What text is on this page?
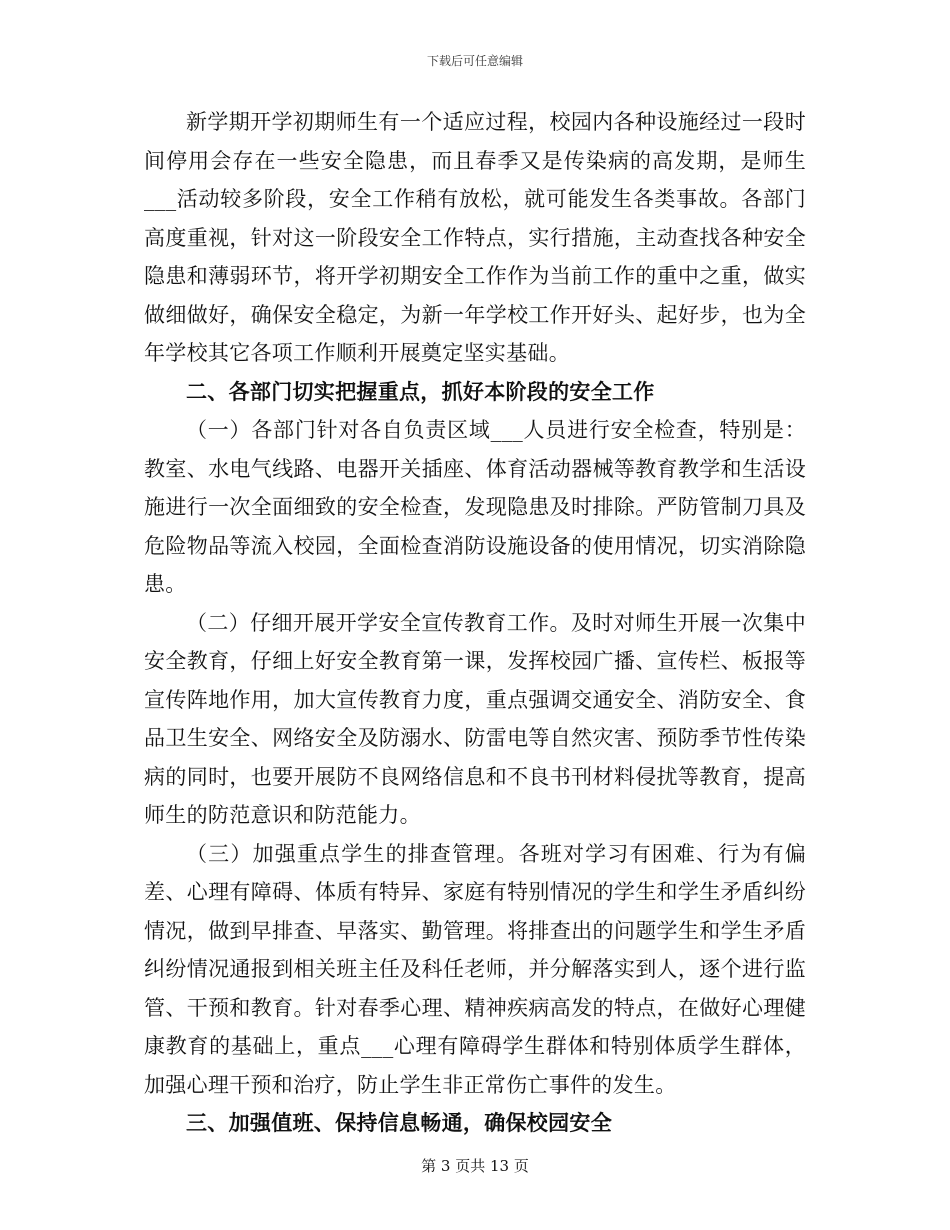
下载后可任意编辑

新学期开学初期师生有一个适应过程，校园内各种设施经过一段时间停用会存在一些安全隐患，而且春季又是传染病的高发期，是师生___活动较多阶段，安全工作稍有放松，就可能发生各类事故。各部门高度重视，针对这一阶段安全工作特点，实行措施，主动查找各种安全隐患和薄弱环节，将开学初期安全工作作为当前工作的重中之重，做实做细做好，确保安全稳定，为新一年学校工作开好头、起好步，也为全年学校其它各项工作顺利开展奠定坚实基础。

二、各部门切实把握重点，抓好本阶段的安全工作

（一）各部门针对各自负责区域___人员进行安全检查，特别是：教室、水电气线路、电器开关插座、体育活动器械等教育教学和生活设施进行一次全面细致的安全检查，发现隐患及时排除。严防管制刀具及危险物品等流入校园，全面检查消防设施设备的使用情况，切实消除隐患。

（二）仔细开展开学安全宣传教育工作。及时对师生开展一次集中安全教育，仔细上好安全教育第一课，发挥校园广播、宣传栏、板报等宣传阵地作用，加大宣传教育力度，重点强调交通安全、消防安全、食品卫生安全、网络安全及防溺水、防雷电等自然灾害、预防季节性传染病的同时，也要开展防不良网络信息和不良书刊材料侵扰等教育，提高师生的防范意识和防范能力。

（三）加强重点学生的排查管理。各班对学习有困难、行为有偏差、心理有障碍、体质有特异、家庭有特别情况的学生和学生矛盾纠纷情况，做到早排查、早落实、勤管理。将排查出的问题学生和学生矛盾纠纷情况通报到相关班主任及科任老师，并分解落实到人，逐个进行监管、干预和教育。针对春季心理、精神疾病高发的特点，在做好心理健康教育的基础上，重点___心理有障碍学生群体和特别体质学生群体，加强心理干预和治疗，防止学生非正常伤亡事件的发生。

三、加强值班、保持信息畅通，确保校园安全

第 3 页共 13 页
